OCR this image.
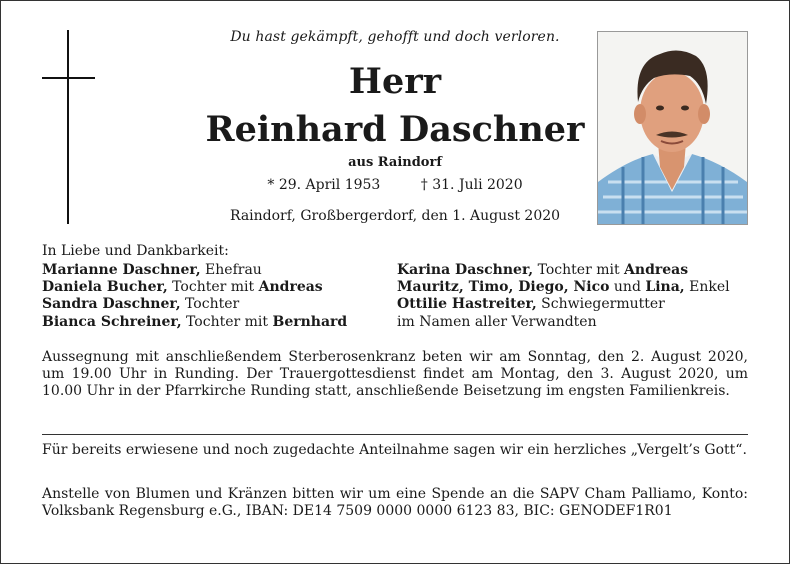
Du hast gekämpft, gehofft und doch verloren.
Herr
Reinhard Daschner
aus Raindorf
* 29. April 1953	† 31. Juli 2020
Raindorf, Großbergerdorf, den 1. August 2020
In Liebe und Dankbarkeit:
Marianne Daschner, Ehefrau
Daniela Bucher, Tochter mit Andreas
Sandra Daschner, Tochter
Bianca Schreiner, Tochter mit Bernhard
Karina Daschner, Tochter mit Andreas
Mauritz, Timo, Diego, Nico und Lina, Enkel
Ottilie Hastreiter, Schwiegermutter
im Namen aller Verwandten
Aussegnung mit anschließendem Sterberosenkranz beten wir am Sonntag, den 2. August 2020, um 19.00 Uhr in Runding. Der Trauergottesdienst findet am Montag, den 3. August 2020, um 10.00 Uhr in der Pfarrkirche Runding statt, anschließende Beisetzung im engsten Familienkreis.
Für bereits erwiesene und noch zugedachte Anteilnahme sagen wir ein herzliches „Vergelt’s Gott“.
Anstelle von Blumen und Kränzen bitten wir um eine Spende an die SAPV Cham Palliamo, Konto: Volksbank Regensburg e.G., IBAN: DE14 7509 0000 0000 6123 83, BIC: GENODEF1R01
